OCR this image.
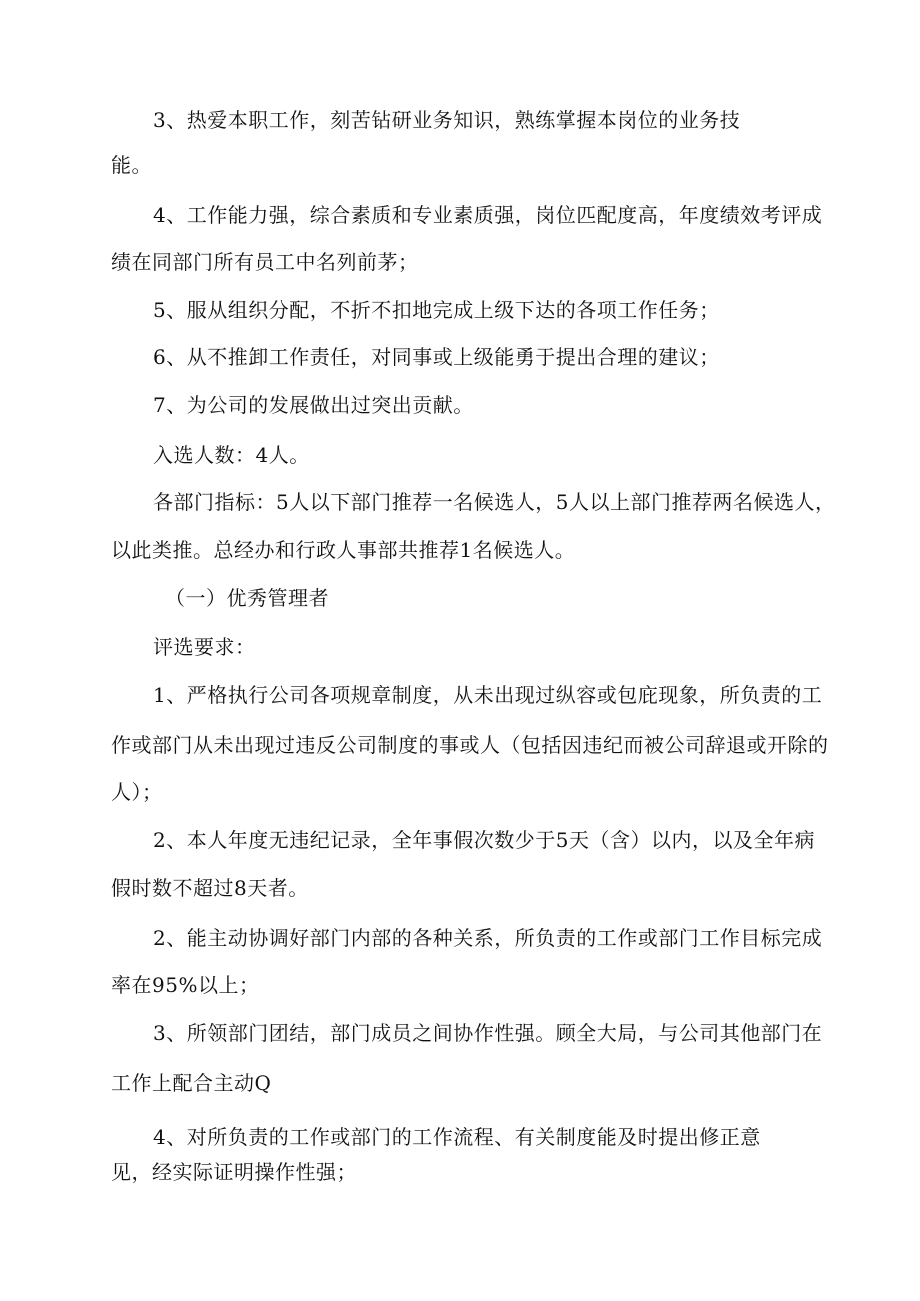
3、热爱本职工作，刻苦钻研业务知识，熟练掌握本岗位的业务技
能。
4、工作能力强，综合素质和专业素质强，岗位匹配度高，年度绩效考评成
绩在同部门所有员工中名列前茅；
5、服从组织分配，不折不扣地完成上级下达的各项工作任务；
6、从不推卸工作责任，对同事或上级能勇于提出合理的建议；
7、为公司的发展做出过突出贡献。
入选人数：4人。
各部门指标：5人以下部门推荐一名候选人，5人以上部门推荐两名候选人，
以此类推。总经办和行政人事部共推荐1名候选人。
（一）优秀管理者
评选要求：
1、严格执行公司各项规章制度，从未出现过纵容或包庇现象，所负责的工
作或部门从未出现过违反公司制度的事或人（包括因违纪而被公司辞退或开除的
人）；
2、本人年度无违纪记录，全年事假次数少于5天（含）以内，以及全年病
假时数不超过8天者。
2、能主动协调好部门内部的各种关系，所负责的工作或部门工作目标完成
率在95%以上；
3、所领部门团结，部门成员之间协作性强。顾全大局，与公司其他部门在
工作上配合主动Q
4、对所负责的工作或部门的工作流程、有关制度能及时提出修正意
见，经实际证明操作性强；
